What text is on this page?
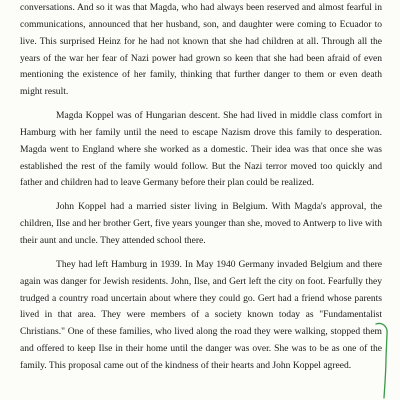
conversations. And so it was that Magda, who had always been reserved and almost fearful in communications, announced that her husband, son, and daughter were coming to Ecuador to live. This surprised Heinz for he had not known that she had children at all. Through all the years of the war her fear of Nazi power had grown so keen that she had been afraid of even mentioning the existence of her family, thinking that further danger to them or even death might result.

Magda Koppel was of Hungarian descent. She had lived in middle class comfort in Hamburg with her family until the need to escape Nazism drove this family to desperation. Magda went to England where she worked as a domestic. Their idea was that once she was established the rest of the family would follow. But the Nazi terror moved too quickly and father and children had to leave Germany before their plan could be realized.

John Koppel had a married sister living in Belgium. With Magda's approval, the children, Ilse and her brother Gert, five years younger than she, moved to Antwerp to live with their aunt and uncle. They attended school there.

They had left Hamburg in 1939. In May 1940 Germany invaded Belgium and there again was danger for Jewish residents. John, Ilse, and Gert left the city on foot. Fearfully they trudged a country road uncertain about where they could go. Gert had a friend whose parents lived in that area. They were members of a society known today as "Fundamentalist Christians." One of these families, who lived along the road they were walking, stopped them and offered to keep Ilse in their home until the danger was over. She was to be as one of the family. This proposal came out of the kindness of their hearts and John Koppel agreed.
